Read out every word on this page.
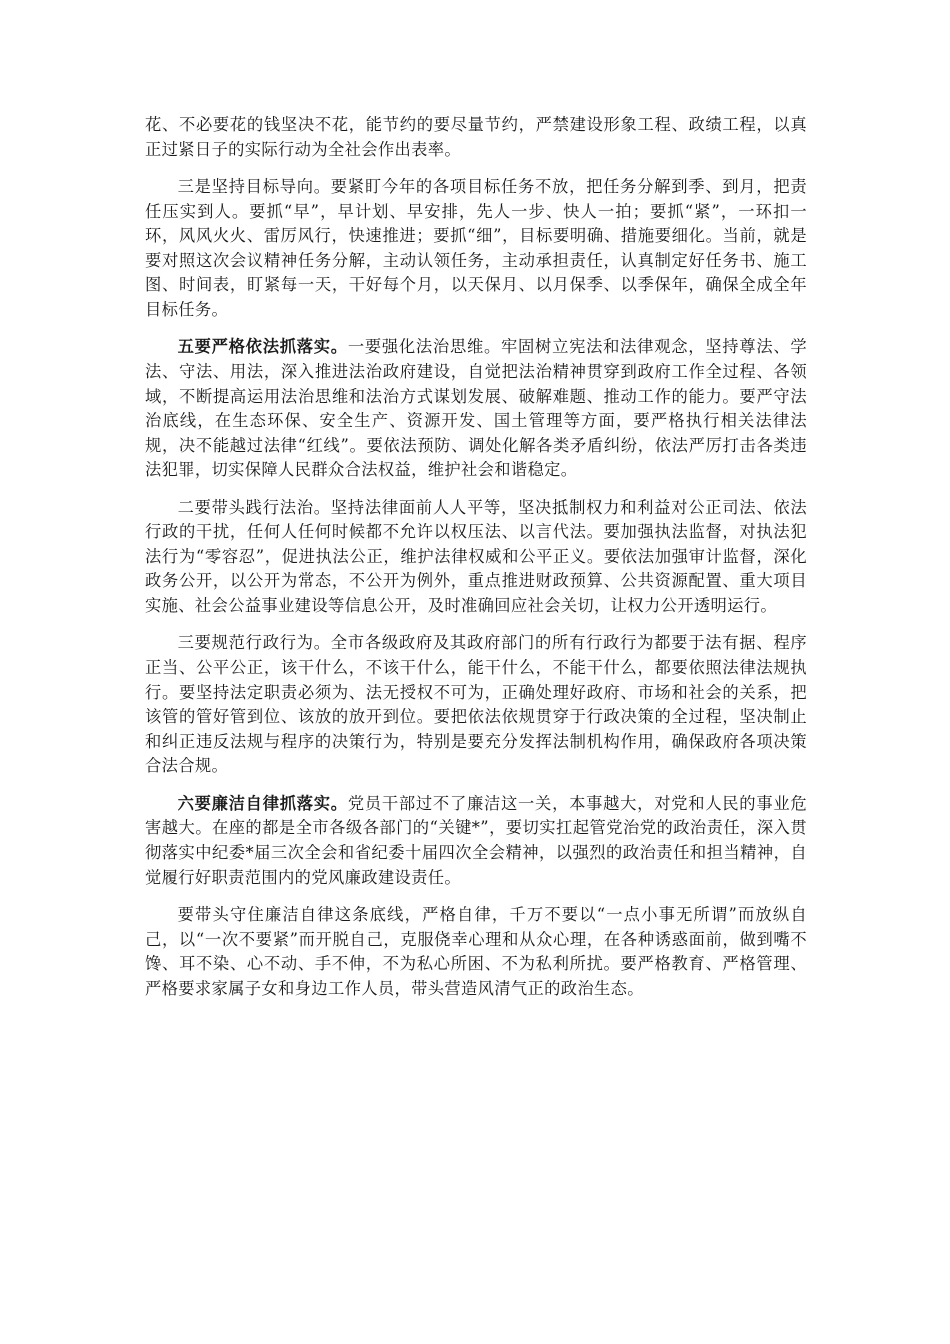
花、不必要花的钱坚决不花，能节约的要尽量节约，严禁建设形象工程、政绩工程，以真正过紧日子的实际行动为全社会作出表率。

三是坚持目标导向。要紧盯今年的各项目标任务不放，把任务分解到季、到月，把责任压实到人。要抓“早”，早计划、早安排，先人一步、快人一拍；要抓“紧”，一环扣一环，风风火火、雷厉风行，快速推进；要抓“细”，目标要明确、措施要细化。当前，就是要对照这次会议精神任务分解，主动认领任务，主动承担责任，认真制定好任务书、施工图、时间表，盯紧每一天，干好每个月，以天保月、以月保季、以季保年，确保全成全年目标任务。

五要严格依法抓落实。一要强化法治思维。牢固树立宪法和法律观念，坚持尊法、学法、守法、用法，深入推进法治政府建设，自觉把法治精神贯穿到政府工作全过程、各领域，不断提高运用法治思维和法治方式谋划发展、破解难题、推动工作的能力。要严守法治底线，在生态环保、安全生产、资源开发、国土管理等方面，要严格执行相关法律法规，决不能越过法律“红线”。要依法预防、调处化解各类矛盾纠纷，依法严厉打击各类违法犯罪，切实保障人民群众合法权益，维护社会和谐稳定。

二要带头践行法治。坚持法律面前人人平等，坚决抵制权力和利益对公正司法、依法行政的干扰，任何人任何时候都不允许以权压法、以言代法。要加强执法监督，对执法犯法行为“零容忍”，促进执法公正，维护法律权威和公平正义。要依法加强审计监督，深化政务公开，以公开为常态，不公开为例外，重点推进财政预算、公共资源配置、重大项目实施、社会公益事业建设等信息公开，及时准确回应社会关切，让权力公开透明运行。

三要规范行政行为。全市各级政府及其政府部门的所有行政行为都要于法有据、程序正当、公平公正，该干什么，不该干什么，能干什么，不能干什么，都要依照法律法规执行。要坚持法定职责必须为、法无授权不可为，正确处理好政府、市场和社会的关系，把该管的管好管到位、该放的放开到位。要把依法依规贯穿于行政决策的全过程，坚决制止和纠正违反法规与程序的决策行为，特别是要充分发挥法制机构作用，确保政府各项决策合法合规。

六要廉洁自律抓落实。党员干部过不了廉洁这一关，本事越大，对党和人民的事业危害越大。在座的都是全市各级各部门的“关键*”，要切实扛起管党治党的政治责任，深入贯彻落实中纪委*届三次全会和省纪委十届四次全会精神，以强烈的政治责任和担当精神，自觉履行好职责范围内的党风廉政建设责任。

要带头守住廉洁自律这条底线，严格自律，千万不要以“一点小事无所谓”而放纵自己，以“一次不要紧”而开脱自己，克服侥幸心理和从众心理，在各种诱惑面前，做到嘴不馋、耳不染、心不动、手不伸，不为私心所困、不为私利所扰。要严格教育、严格管理、严格要求家属子女和身边工作人员，带头营造风清气正的政治生态。
